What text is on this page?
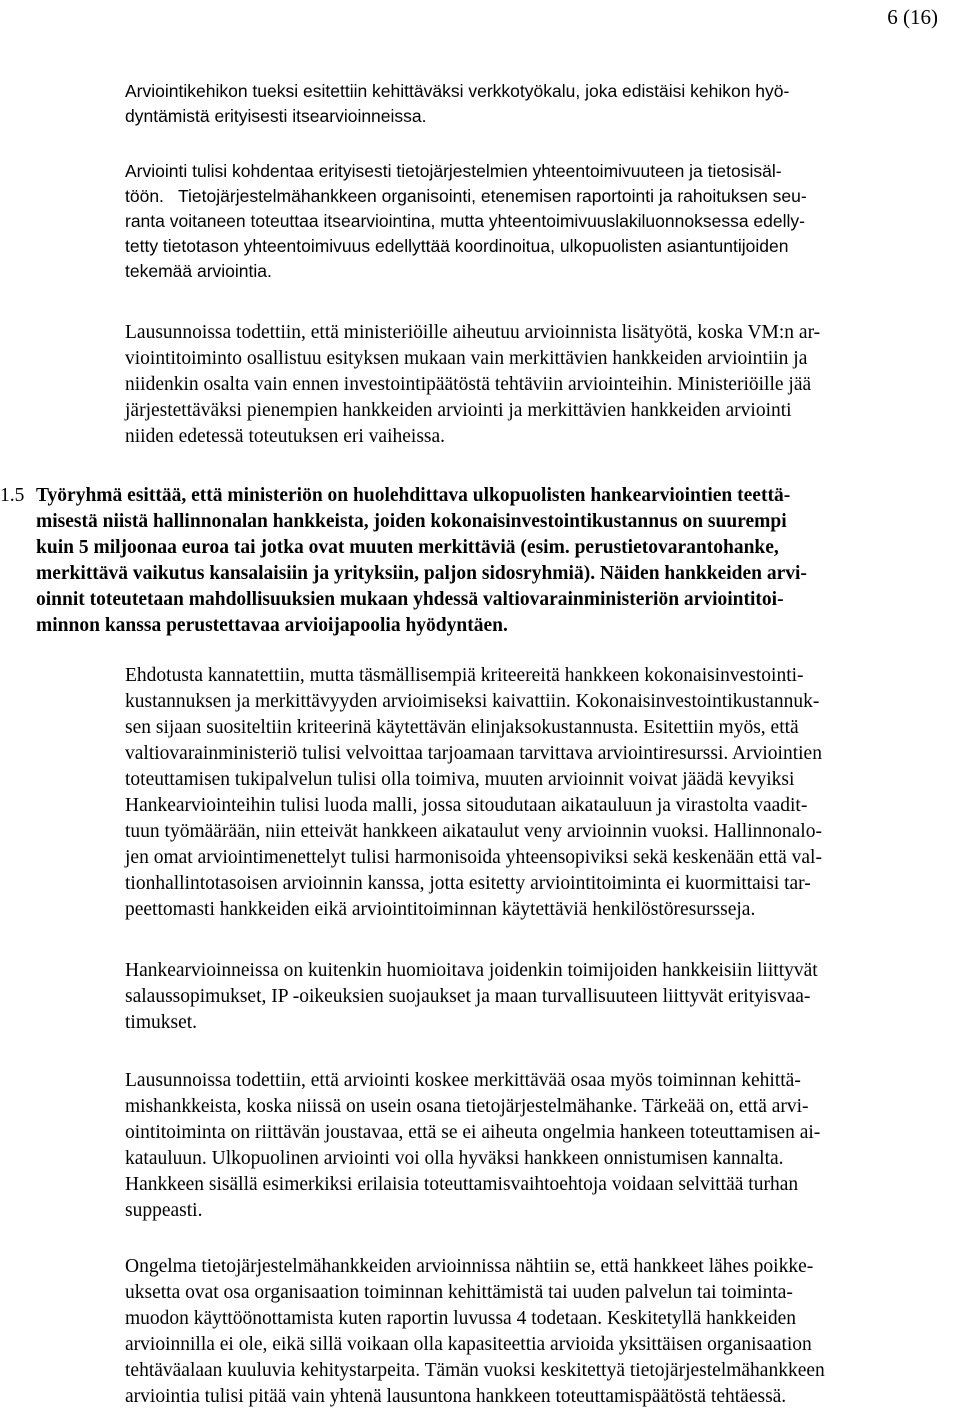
6 (16)
Arviointikehikon tueksi esitettiin kehittäväksi verkkotyökalu, joka edistäisi kehikon hyö-
dyntämistä erityisesti itsearvioinneissa.
Arviointi tulisi kohdentaa erityisesti tietojärjestelmien yhteentoimivuuteen ja tietosisäl-
töön. Tietojärjestelmähankkeen organisointi, etenemisen raportointi ja rahoituksen seu-
ranta voitaneen toteuttaa itsearviointina, mutta yhteentoimivuuslakiluonnoksessa edelly-
tetty tietotason yhteentoimivuus edellyttää koordinoitua, ulkopuolisten asiantuntijoiden
tekemää arviointia.
Lausunnoissa todettiin, että ministeriöille aiheutuu arvioinnista lisätyötä, koska VM:n ar-
viointitoiminto osallistuu esityksen mukaan vain merkittävien hankkeiden arviointiin ja
niidenkin osalta vain ennen investointipäätöstä tehtäviin arviointeihin. Ministeriöille jää
järjestettäväksi pienempien hankkeiden arviointi ja merkittävien hankkeiden arviointi
niiden edetessä toteutuksen eri vaiheissa.
1.5 Työryhmä esittää, että ministeriön on huolehdittava ulkopuolisten hankearviointien teettä-
misestä niistä hallinnonalan hankkeista, joiden kokonaisinvestointikustannus on suurempi
kuin 5 miljoonaa euroa tai jotka ovat muuten merkittäviä (esim. perustietovarantohanke,
merkittävä vaikutus kansalaisiin ja yrityksiin, paljon sidosryhmiä). Näiden hankkeiden arvi-
oinnit toteutetaan mahdollisuuksien mukaan yhdessä valtiovarainministeriön arviointitoi-
minnon kanssa perustettavaa arvioijapoolia hyödyntäen.
Ehdotusta kannatettiin, mutta täsmällisempiä kriteereitä hankkeen kokonaisinvestointi-
kustannuksen ja merkittävyyden arvioimiseksi kaivattiin. Kokonaisinvestointikustannuk-
sen sijaan suositeltiin kriteerinä käytettävän elinjaksokustannusta. Esitettiin myös, että
valtiovarainministeriö tulisi velvoittaa tarjoamaan tarvittava arviointiresurssi. Arviointien
toteuttamisen tukipalvelun tulisi olla toimiva, muuten arvioinnit voivat jäädä kevyiksi
Hankearviointeihin tulisi luoda malli, jossa sitoudutaan aikatauluun ja virastolta vaadit-
tuun työmäärään, niin etteivät hankkeen aikataulut veny arvioinnin vuoksi. Hallinnonalo-
jen omat arviointimenettelyt tulisi harmonisoida yhteensopiviksi sekä keskenään että val-
tionhallintotasoisen arvioinnin kanssa, jotta esitetty arviointitoiminta ei kuormittaisi tar-
peettomasti hankkeiden eikä arviointitoiminnan käytettäviä henkilöstöresursseja.
Hankearvioinneissa on kuitenkin huomioitava joidenkin toimijoiden hankkeisiin liittyvät
salaussopimukset, IP -oikeuksien suojaukset ja maan turvallisuuteen liittyvät erityisvaa-
timukset.
Lausunnoissa todettiin, että arviointi koskee merkittävää osaa myös toiminnan kehittä-
mishankkeista, koska niissä on usein osana tietojärjestelmähanke. Tärkeää on, että arvi-
ointitoiminta on riittävän joustavaa, että se ei aiheuta ongelmia hankeen toteuttamisen ai-
katauluun. Ulkopuolinen arviointi voi olla hyväksi hankkeen onnistumisen kannalta.
Hankkeen sisällä esimerkiksi erilaisia toteuttamisvaihtoehtoja voidaan selvittää turhan
suppeasti.
Ongelma tietojärjestelmähankkeiden arvioinnissa nähtiin se, että hankkeet lähes poikke-
uksetta ovat osa organisaation toiminnan kehittämistä tai uuden palvelun tai toiminta-
muodon käyttöönottamista kuten raportin luvussa 4 todetaan. Keskitetyllä hankkeiden
arvioinnilla ei ole, eikä sillä voikaan olla kapasiteettia arvioida yksittäisen organisaation
tehtäväalaan kuuluvia kehitystarpeita. Tämän vuoksi keskitettyä tietojärjestelmähankkeen
arviointia tulisi pitää vain yhtenä lausuntona hankkeen toteuttamispäätöstä tehtäessä.
